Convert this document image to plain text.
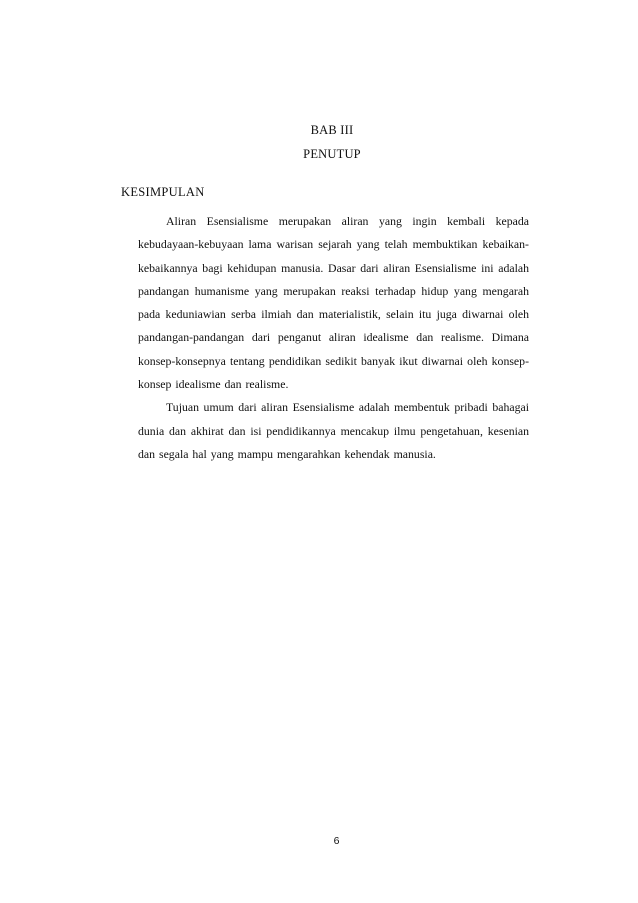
BAB III
PENUTUP
KESIMPULAN

Aliran Esensialisme merupakan aliran yang ingin kembali kepada kebudayaan-kebuyaan lama warisan sejarah yang telah membuktikan kebaikan-kebaikannya bagi kehidupan manusia. Dasar dari aliran Esensialisme ini adalah pandangan humanisme yang merupakan reaksi terhadap hidup yang mengarah pada keduniawian serba ilmiah dan materialistik, selain itu juga diwarnai oleh pandangan-pandangan dari penganut aliran idealisme dan realisme. Dimana konsep-konsepnya tentang pendidikan sedikit banyak ikut diwarnai oleh konsep-konsep idealisme dan realisme.

Tujuan umum dari aliran Esensialisme adalah membentuk pribadi bahagai dunia dan akhirat dan isi pendidikannya mencakup ilmu pengetahuan, kesenian dan segala hal yang mampu mengarahkan kehendak manusia.

6
